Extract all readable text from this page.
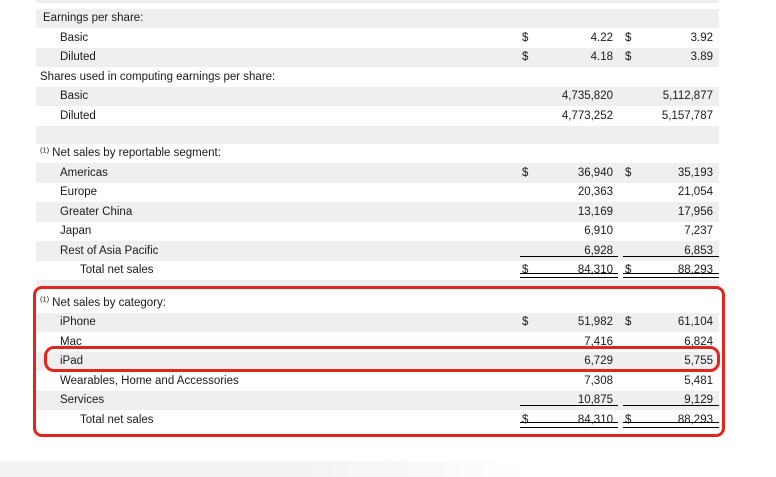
Earnings per share:
Basic	$	4.22 $	3.92
Diluted	$	4.18 $	3.89
Shares used in computing earnings per share:
Basic	4,735,820	5,112,877
Diluted	4,773,252	5,157,787
(1) Net sales by reportable segment:
Americas	$	36,940 $	35,193
Europe	20,363	21,054
Greater China	13,169	17,956
Japan	6,910	7,237
Rest of Asia Pacific	6,928	6,853
Total net sales	$	84,310 $	88,293
(1) Net sales by category:
iPhone	$	51,982 $	61,104
Mac	7,416	6,824
iPad	6,729	5,755
Wearables, Home and Accessories	7,308	5,481
Services	10,875	9,129
Total net sales	$	84,310 $	88,293
